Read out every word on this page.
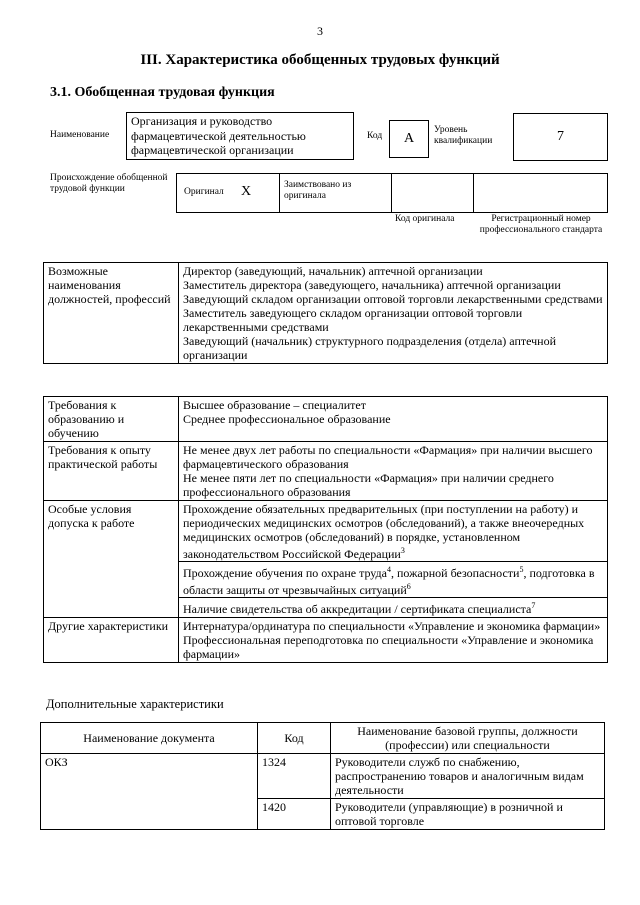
3
III. Характеристика обобщенных трудовых функций
3.1. Обобщенная трудовая функция
Наименование
Организация и руководство фармацевтической деятельностью фармацевтической организации
Код А
Уровень квалификации	7
Происхождение обобщенной трудовой функции	Оригинал X	Заимствовано из оригинала
Код оригинала	Регистрационный номер профессионального стандарта
Возможные наименования должностей, профессий	
Директор (заведующий, начальник) аптечной организации
Заместитель директора (заведующего, начальника) аптечной организации
Заведующий складом организации оптовой торговли лекарственными средствами
Заместитель заведующего складом организации оптовой торговли лекарственными средствами
Заведующий (начальник) структурного подразделения (отдела) аптечной организации
Требования к образованию и обучению	Высшее образование – специалитет
Среднее профессиональное образование

Требования к опыту практической работы	Не менее двух лет работы по специальности «Фармация» при наличии высшего фармацевтического образования
Не менее пяти лет по специальности «Фармация» при наличии среднего профессионального образования

Особые условия допуска к работе	Прохождение обязательных предварительных (при поступлении на работу) и периодических медицинских осмотров (обследований), а также внеочередных медицинских осмотров (обследований) в порядке, установленном законодательством Российской Федерации$^3$
Прохождение обучения по охране труда$^4$, пожарной безопасности$^5$, подготовка в области защиты от чрезвычайных ситуаций$^6$
Наличие свидетельства об аккредитации / сертификата специалиста$^7$

Другие характеристики	Интернатура/ординатура по специальности «Управление и экономика фармации»
Профессиональная переподготовка по специальности «Управление и экономика фармации»
Дополнительные характеристики
Наименование документа	Код	Наименование базовой группы, должности (профессии) или специальности
ОКЗ	1324	Руководители служб по снабжению, распространению товаров и аналогичным видам деятельности
	1420	Руководители (управляющие) в розничной и оптовой торговле
